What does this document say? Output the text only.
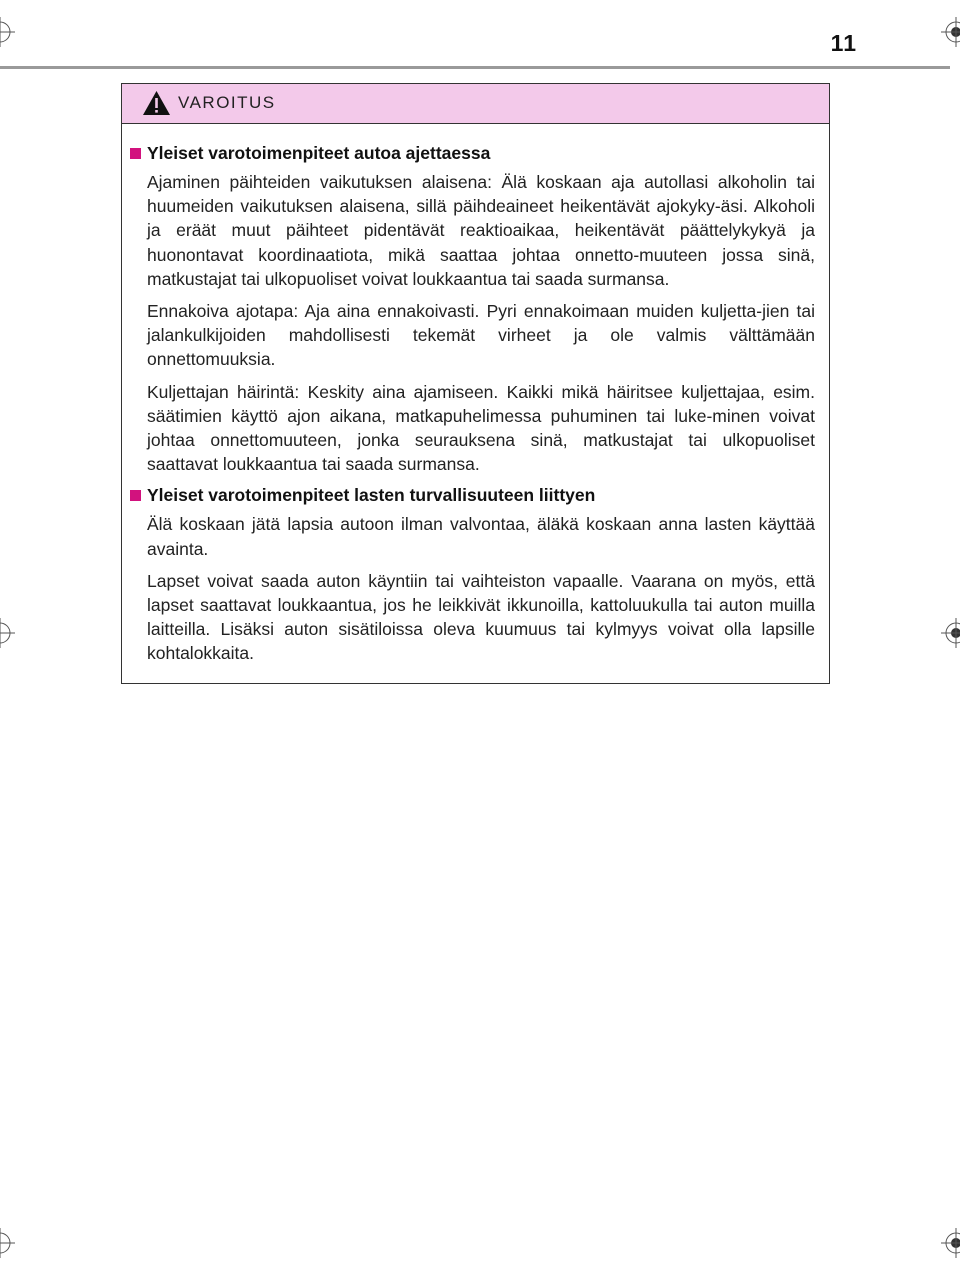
11
VAROITUS
Yleiset varotoimenpiteet autoa ajettaessa

Ajaminen päihteiden vaikutuksen alaisena: Älä koskaan aja autollasi alkoholin tai huumeiden vaikutuksen alaisena, sillä päihdeaineet heikentävät ajokyky-äsi. Alkoholi ja eräät muut päihteet pidentävät reaktioaikaa, heikentävät päättelykykyä ja huonontavat koordinaatiota, mikä saattaa johtaa onnetto-muuteen jossa sinä, matkustajat tai ulkopuoliset voivat loukkaantua tai saada surmansa.

Ennakoiva ajotapa: Aja aina ennakoivasti. Pyri ennakoimaan muiden kuljetta-jien tai jalankulkijoiden mahdollisesti tekemät virheet ja ole valmis välttämään onnettomuuksia.

Kuljettajan häirintä: Keskity aina ajamiseen. Kaikki mikä häiritsee kuljettajaa, esim. säätimien käyttö ajon aikana, matkapuhelimessa puhuminen tai luke-minen voivat johtaa onnettomuuteen, jonka seurauksena sinä, matkustajat tai ulkopuoliset saattavat loukkaantua tai saada surmansa.

Yleiset varotoimenpiteet lasten turvallisuuteen liittyen

Älä koskaan jätä lapsia autoon ilman valvontaa, äläkä koskaan anna lasten käyttää avainta.

Lapset voivat saada auton käyntiin tai vaihteiston vapaalle. Vaarana on myös, että lapset saattavat loukkaantua, jos he leikkivät ikkunoilla, kattoluukulla tai auton muilla laitteilla. Lisäksi auton sisätiloissa oleva kuumuus tai kylmyys voivat olla lapsille kohtalokkaita.
